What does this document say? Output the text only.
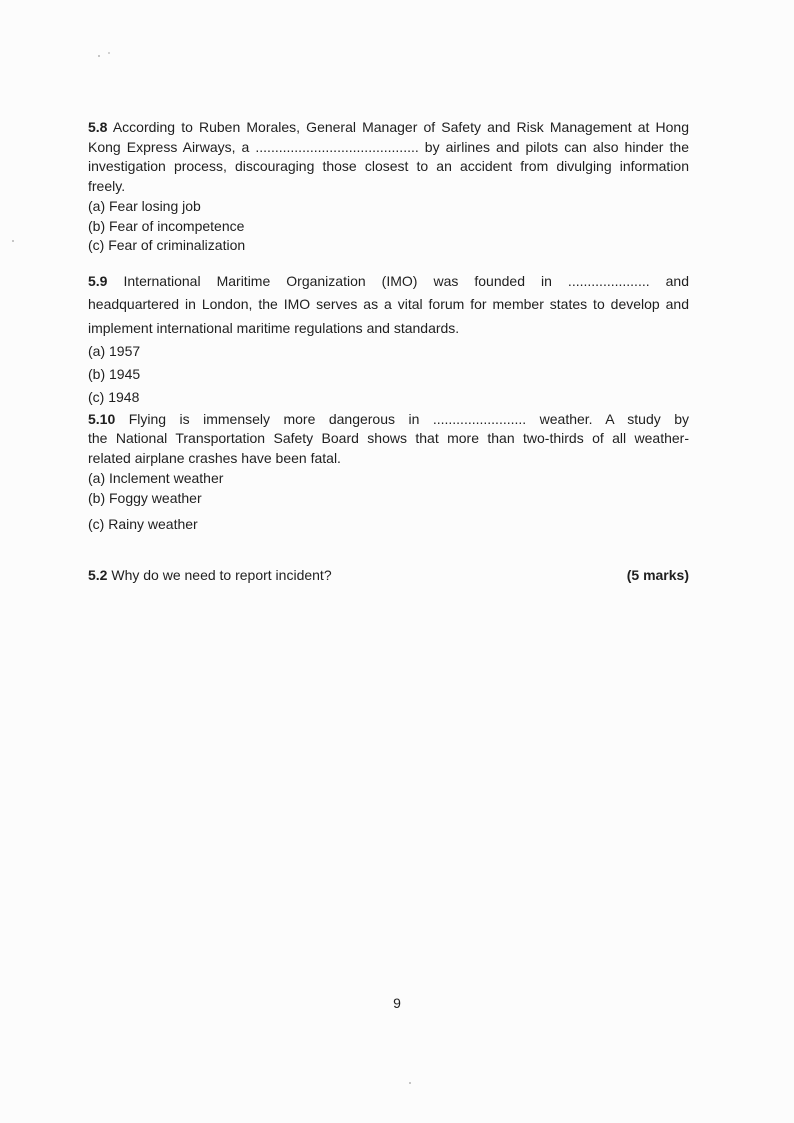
5.8 According to Ruben Morales, General Manager of Safety and Risk Management at Hong
Kong Express Airways, a .......................................... by airlines and pilots can also hinder the
investigation process, discouraging those closest to an accident from divulging information
freely.
(a) Fear losing job
(b) Fear of incompetence
(c) Fear of criminalization
5.9 International Maritime Organization (IMO) was founded in ..................... and
headquartered in London, the IMO serves as a vital forum for member states to develop and
implement international maritime regulations and standards.
(a) 1957
(b) 1945
(c) 1948
5.10 Flying is immensely more dangerous in ........................ weather. A study by
the National Transportation Safety Board shows that more than two-thirds of all weather-
related airplane crashes have been fatal.
(a) Inclement weather
(b) Foggy weather
(c) Rainy weather
5.2 Why do we need to report incident?	(5 marks)
9
